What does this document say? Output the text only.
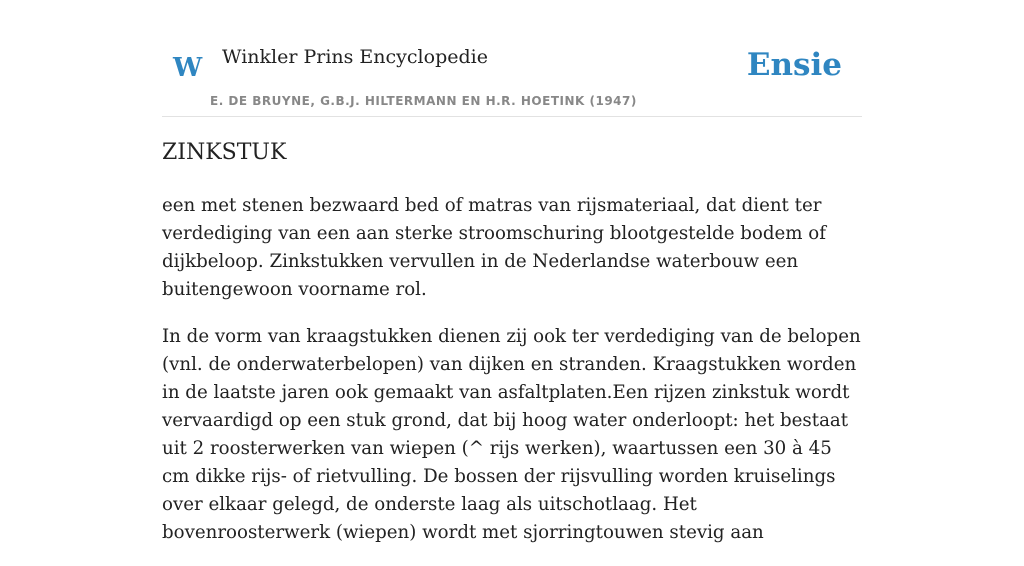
W Winkler Prins Encyclopedie
E. DE BRUYNE, G.B.J. HILTERMANN EN H.R. HOETINK (1947)
Ensie
ZINKSTUK

een met stenen bezwaard bed of matras van rijsmateriaal, dat dient ter verdediging van een aan sterke stroomschuring blootgestelde bodem of dijkbeloop. Zinkstukken vervullen in de Nederlandse waterbouw een buitengewoon voorname rol.

In de vorm van kraagstukken dienen zij ook ter verdediging van de belopen (vnl. de onderwaterbelopen) van dijken en stranden. Kraagstukken worden in de laatste jaren ook gemaakt van asfaltplaten.Een rijzen zinkstuk wordt vervaardigd op een stuk grond, dat bij hoog water onderloopt: het bestaat uit 2 roosterwerken van wiepen (^ rijs werken), waartussen een 30 à 45 cm dikke rijs- of rietvulling. De bossen der rijsvulling worden kruiselings over elkaar gelegd, de onderste laag als uitschotlaag. Het bovenroosterwerk (wiepen) wordt met sjorringtouwen stevig aan
